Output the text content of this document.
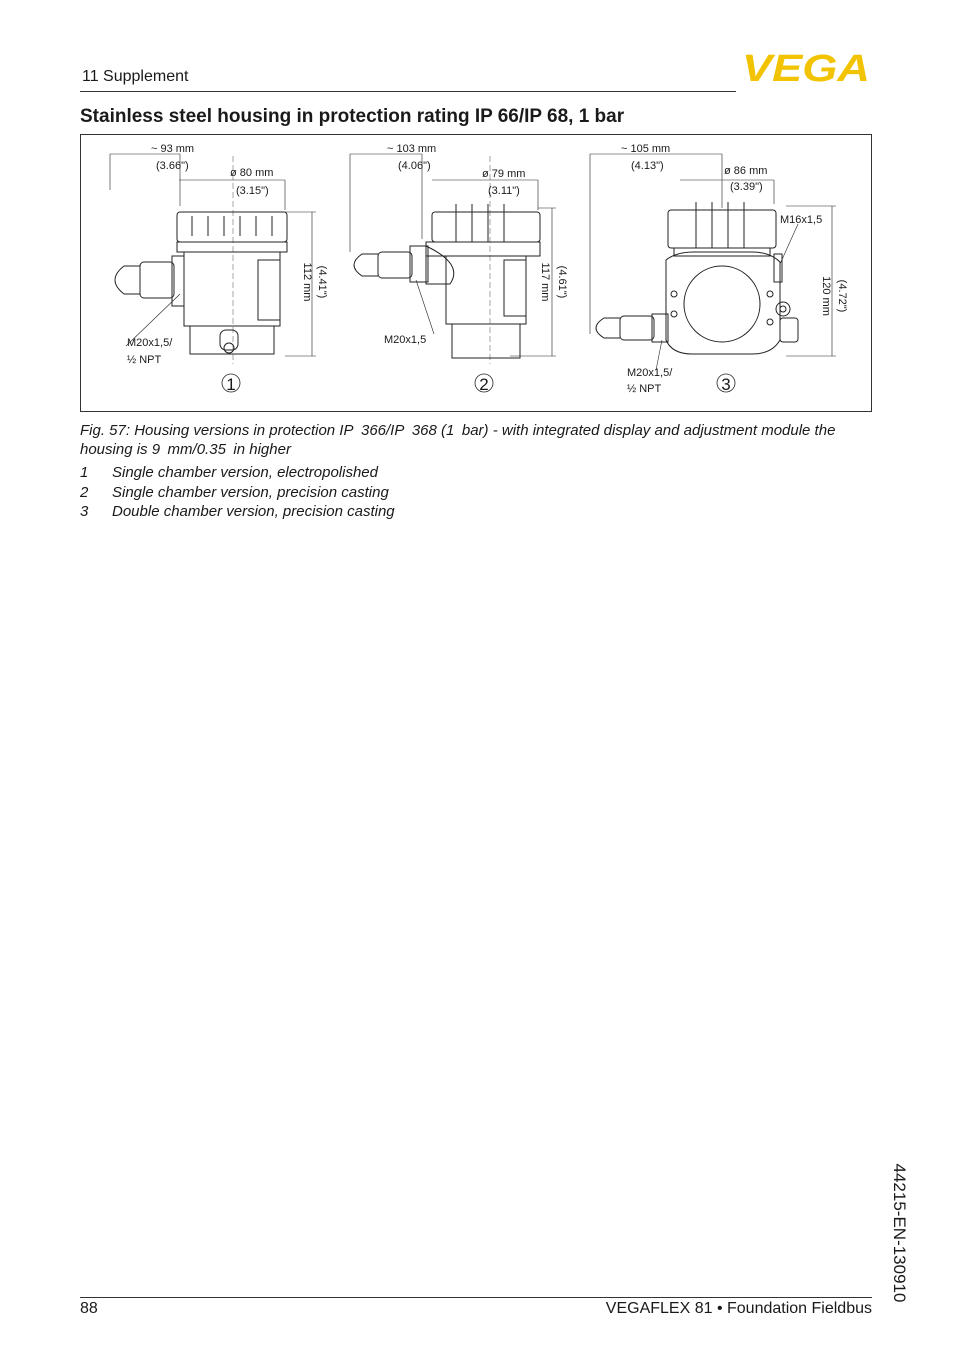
11 Supplement	VEGA
Stainless steel housing in protection rating IP 66/IP 68, 1 bar
~ 93 mm
(3.66")
ø 80 mm
(3.15")
112 mm (4.41")
M20x1,5/
½ NPT
1
~ 103 mm
(4.06")
ø 79 mm
(3.11")
117 mm (4.61")
M20x1,5
2
~ 105 mm
(4.13")	ø 86 mm
(3.39")
M16x1,5
120 mm (4.72")
M20x1,5/
½ NPT	3
Fig. 57: Housing versions in protection IP 366/IP 368 (1 bar) - with integrated display and adjustment module the housing is 9 mm/0.35 in higher
1	Single chamber version, electropolished
2	Single chamber version, precision casting
3	Double chamber version, precision casting
44215-EN-130910
88	VEGAFLEX 81 • Foundation Fieldbus
